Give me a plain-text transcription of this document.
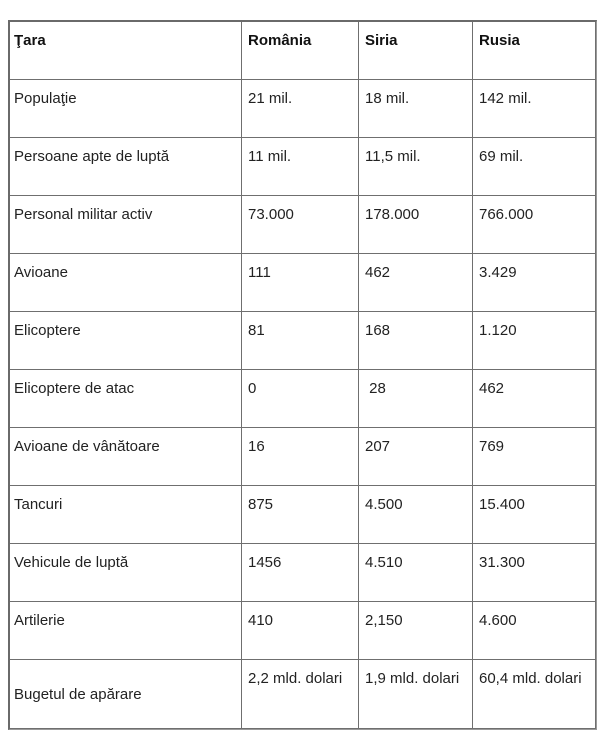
Ţara	România	Siria	Rusia
Populaţie	21 mil.	18 mil.	142 mil.
Persoane apte de luptă	11 mil.	11,5 mil.	69 mil.
Personal militar activ	73.000	178.000	766.000
Avioane	111	462	3.429
Elicoptere	81	168	1.120
Elicoptere de atac	0	28	462
Avioane de vânătoare	16	207	769
Tancuri	875	4.500	15.400
Vehicule de luptă	1456	4.510	31.300
Artilerie	410	2,150	4.600
Bugetul de apărare	2,2 mld. dolari	1,9 mld. dolari	60,4 mld. dolari
